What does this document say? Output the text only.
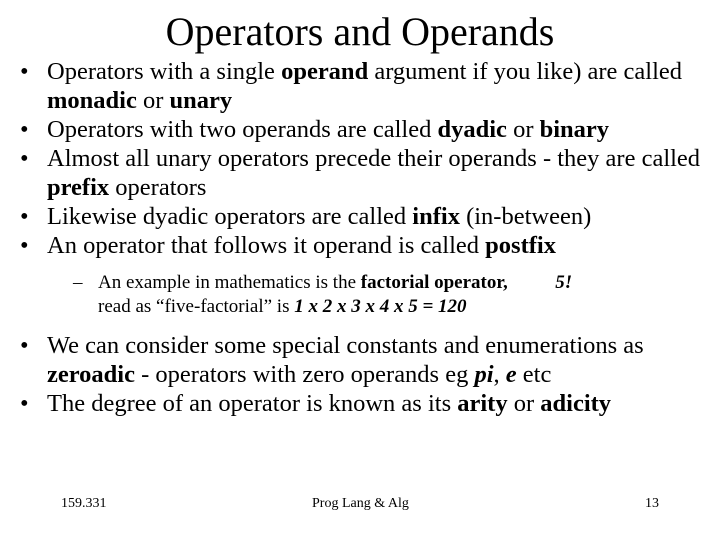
Operators and Operands
• Operators with a single operand argument if you like) are called monadic or unary
• Operators with two operands are called dyadic or binary
• Almost all unary operators precede their operands - they are called prefix operators
• Likewise dyadic operators are called infix (in-between)
• An operator that follows it operand is called postfix
– An example in mathematics is the factorial operator,	5!
read as “five-factorial” is 1 x 2 x 3 x 4 x 5 = 120
• We can consider some special constants and enumerations as zeroadic - operators with zero operands eg pi, e etc
• The degree of an operator is known as its arity or adicity
159.331	Prog Lang & Alg	13
